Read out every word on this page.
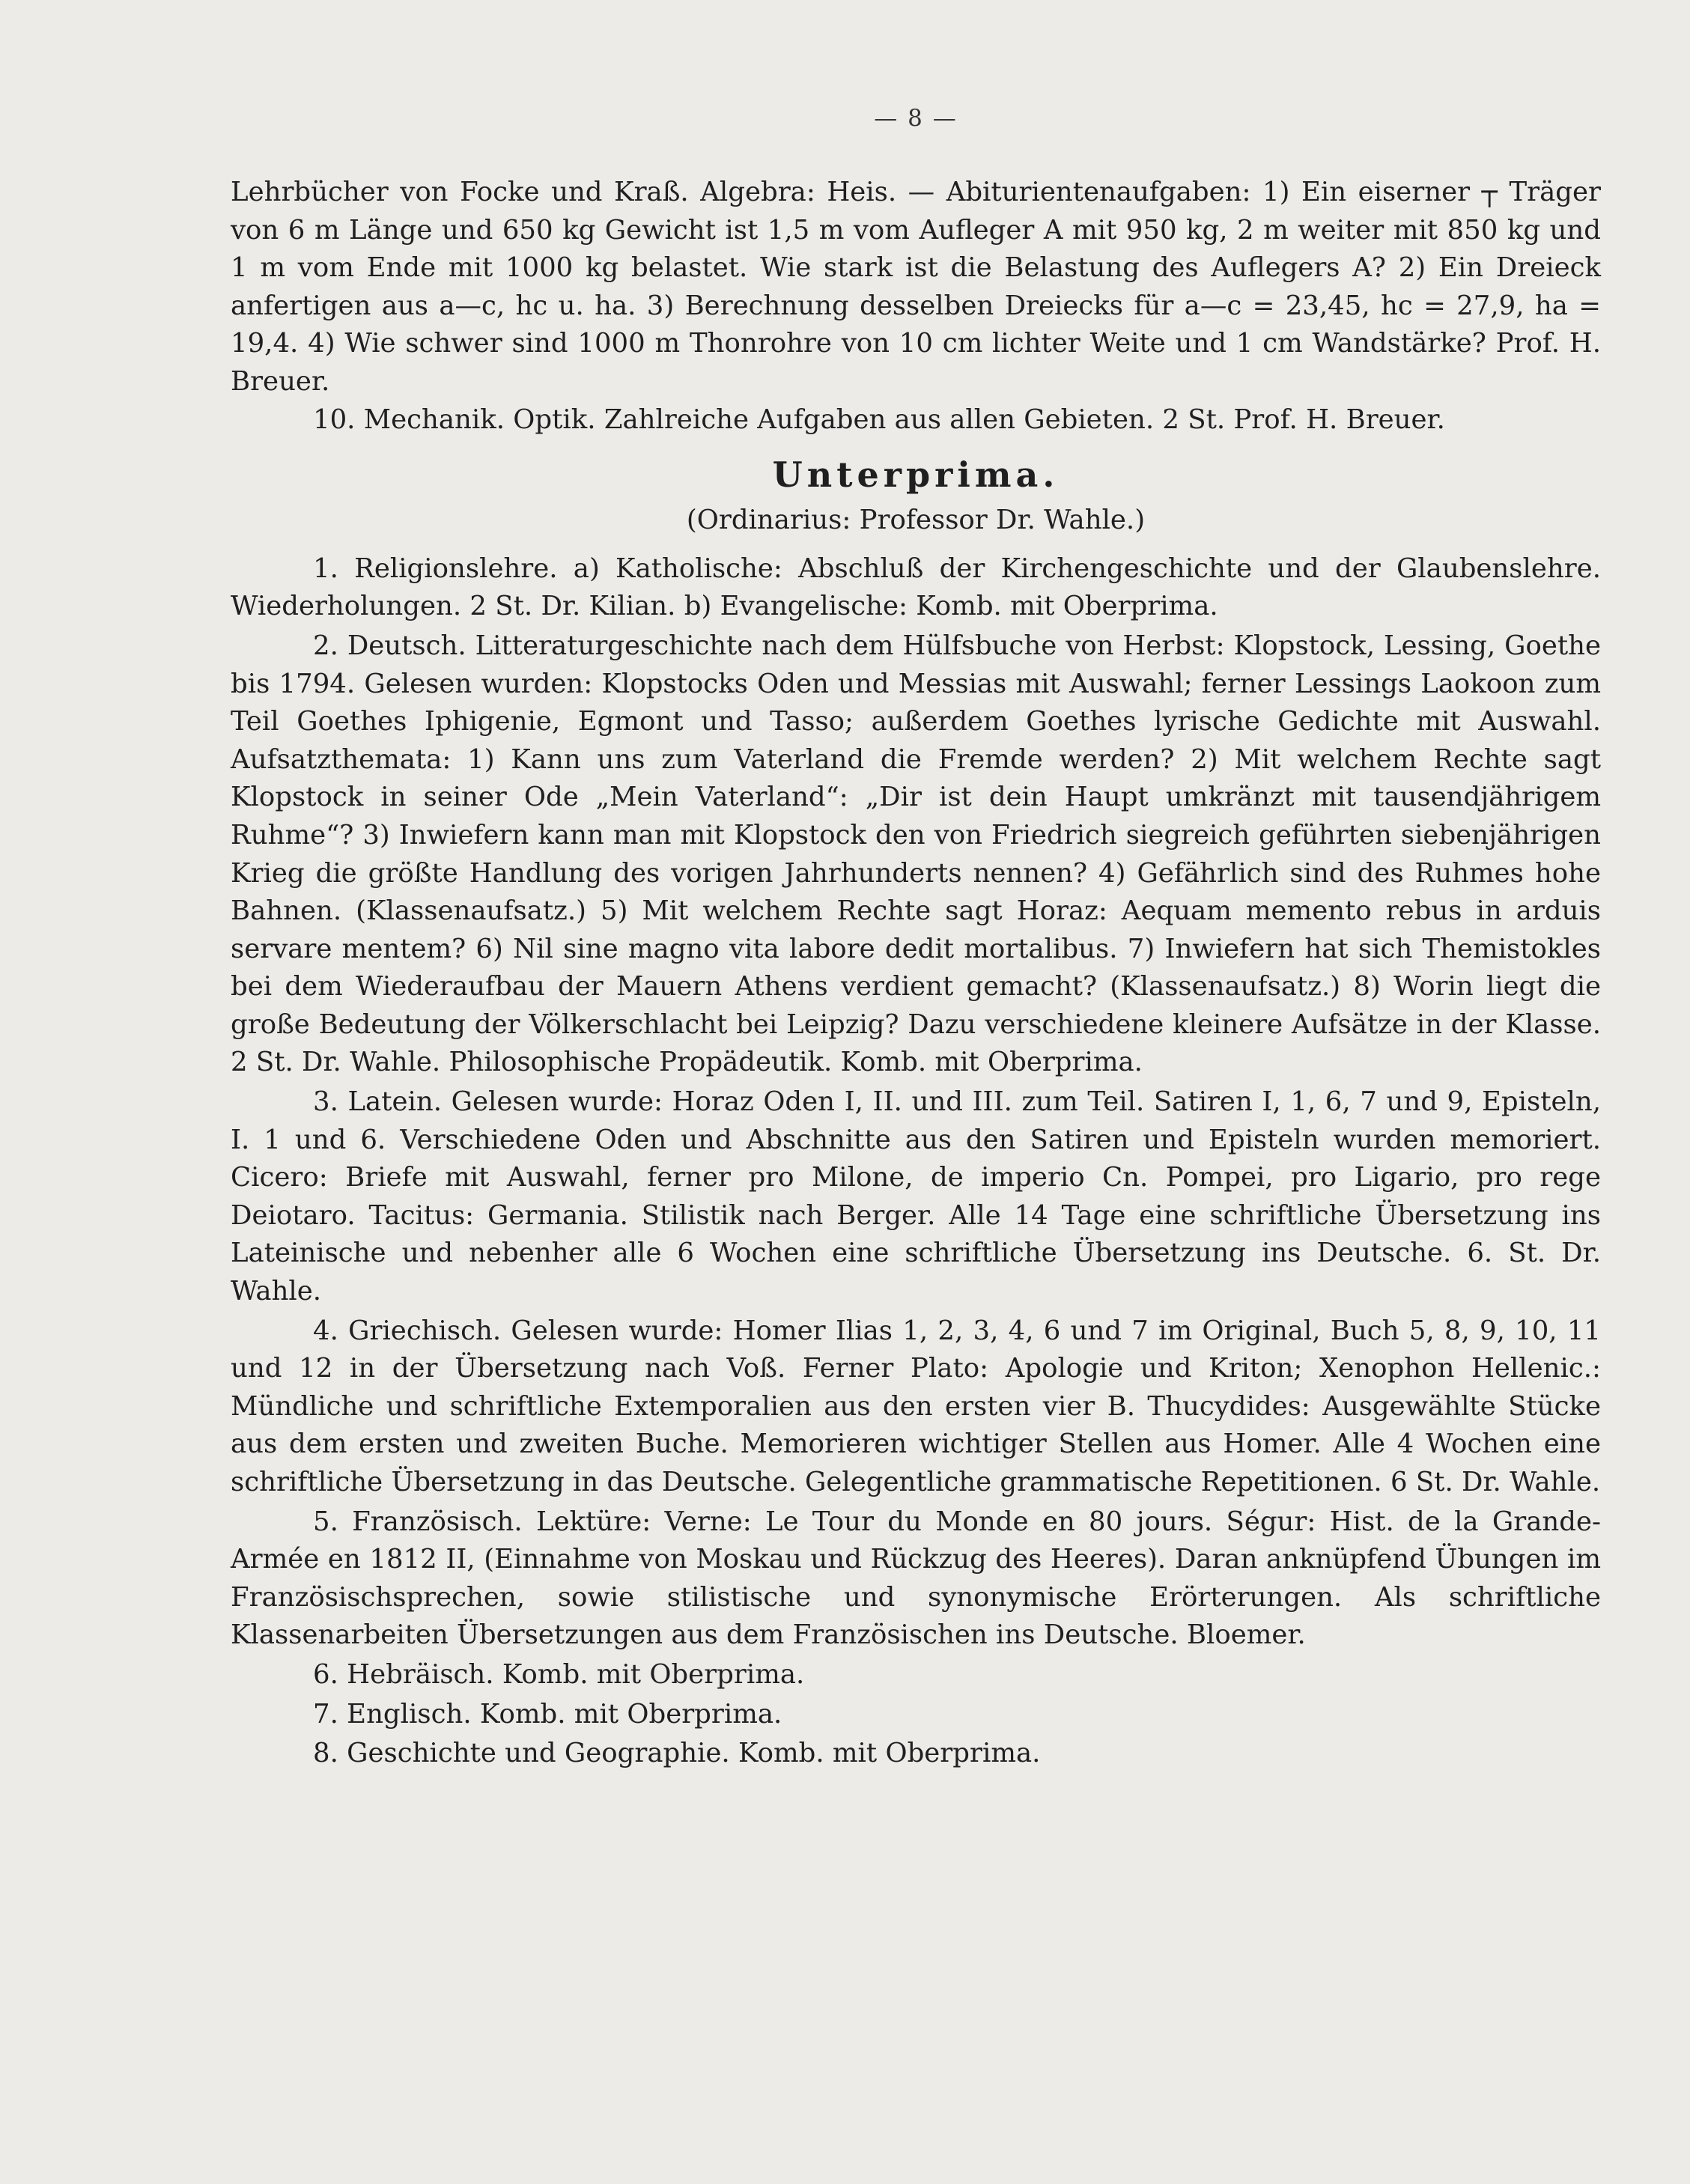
— 8 —

Lehrbücher von Focke und Kraß. Algebra: Heis. — Abiturientenaufgaben: 1) Ein eiserner ┬ Träger von 6 m Länge und 650 kg Gewicht ist 1,5 m vom Aufleger A mit 950 kg, 2 m weiter mit 850 kg und 1 m vom Ende mit 1000 kg belastet. Wie stark ist die Belastung des Auflegers A? 2) Ein Dreieck anfertigen aus a—c, hc u. ha. 3) Berechnung desselben Dreiecks für a—c = 23,45, hc = 27,9, ha = 19,4. 4) Wie schwer sind 1000 m Thonrohre von 10 cm lichter Weite und 1 cm Wandstärke? Prof. H. Breuer.

10. Mechanik. Optik. Zahlreiche Aufgaben aus allen Gebieten. 2 St. Prof. H. Breuer.

Unterprima.

(Ordinarius: Professor Dr. Wahle.)

1. Religionslehre. a) Katholische: Abschluß der Kirchengeschichte und der Glaubenslehre. Wiederholungen. 2 St. Dr. Kilian. b) Evangelische: Komb. mit Oberprima.

2. Deutsch. Litteraturgeschichte nach dem Hülfsbuche von Herbst: Klopstock, Lessing, Goethe bis 1794. Gelesen wurden: Klopstocks Oden und Messias mit Auswahl; ferner Lessings Laokoon zum Teil Goethes Iphigenie, Egmont und Tasso; außerdem Goethes lyrische Gedichte mit Auswahl. Aufsatzthemata: 1) Kann uns zum Vaterland die Fremde werden? 2) Mit welchem Rechte sagt Klopstock in seiner Ode „Mein Vaterland“: „Dir ist dein Haupt umkränzt mit tausendjährigem Ruhme“? 3) Inwiefern kann man mit Klopstock den von Friedrich siegreich geführten siebenjährigen Krieg die größte Handlung des vorigen Jahrhunderts nennen? 4) Gefährlich sind des Ruhmes hohe Bahnen. (Klassenaufsatz.) 5) Mit welchem Rechte sagt Horaz: Aequam memento rebus in arduis servare mentem? 6) Nil sine magno vita labore dedit mortalibus. 7) Inwiefern hat sich Themistokles bei dem Wiederaufbau der Mauern Athens verdient gemacht? (Klassenaufsatz.) 8) Worin liegt die große Bedeutung der Völkerschlacht bei Leipzig? Dazu verschiedene kleinere Aufsätze in der Klasse. 2 St. Dr. Wahle. Philosophische Propädeutik. Komb. mit Oberprima.

3. Latein. Gelesen wurde: Horaz Oden I, II. und III. zum Teil. Satiren I, 1, 6, 7 und 9, Episteln, I. 1 und 6. Verschiedene Oden und Abschnitte aus den Satiren und Episteln wurden memoriert. Cicero: Briefe mit Auswahl, ferner pro Milone, de imperio Cn. Pompei, pro Ligario, pro rege Deiotaro. Tacitus: Germania. Stilistik nach Berger. Alle 14 Tage eine schriftliche Übersetzung ins Lateinische und nebenher alle 6 Wochen eine schriftliche Übersetzung ins Deutsche. 6. St. Dr. Wahle.

4. Griechisch. Gelesen wurde: Homer Ilias 1, 2, 3, 4, 6 und 7 im Original, Buch 5, 8, 9, 10, 11 und 12 in der Übersetzung nach Voß. Ferner Plato: Apologie und Kriton; Xenophon Hellenic.: Mündliche und schriftliche Extemporalien aus den ersten vier B. Thucydides: Ausgewählte Stücke aus dem ersten und zweiten Buche. Memorieren wichtiger Stellen aus Homer. Alle 4 Wochen eine schriftliche Übersetzung in das Deutsche. Gelegentliche grammatische Repetitionen. 6 St. Dr. Wahle.

5. Französisch. Lektüre: Verne: Le Tour du Monde en 80 jours. Ségur: Hist. de la Grande-Armée en 1812 II, (Einnahme von Moskau und Rückzug des Heeres). Daran anknüpfend Übungen im Französischsprechen, sowie stilistische und synonymische Erörterungen. Als schriftliche Klassenarbeiten Übersetzungen aus dem Französischen ins Deutsche. Bloemer.

6. Hebräisch. Komb. mit Oberprima.

7. Englisch. Komb. mit Oberprima.

8. Geschichte und Geographie. Komb. mit Oberprima.
